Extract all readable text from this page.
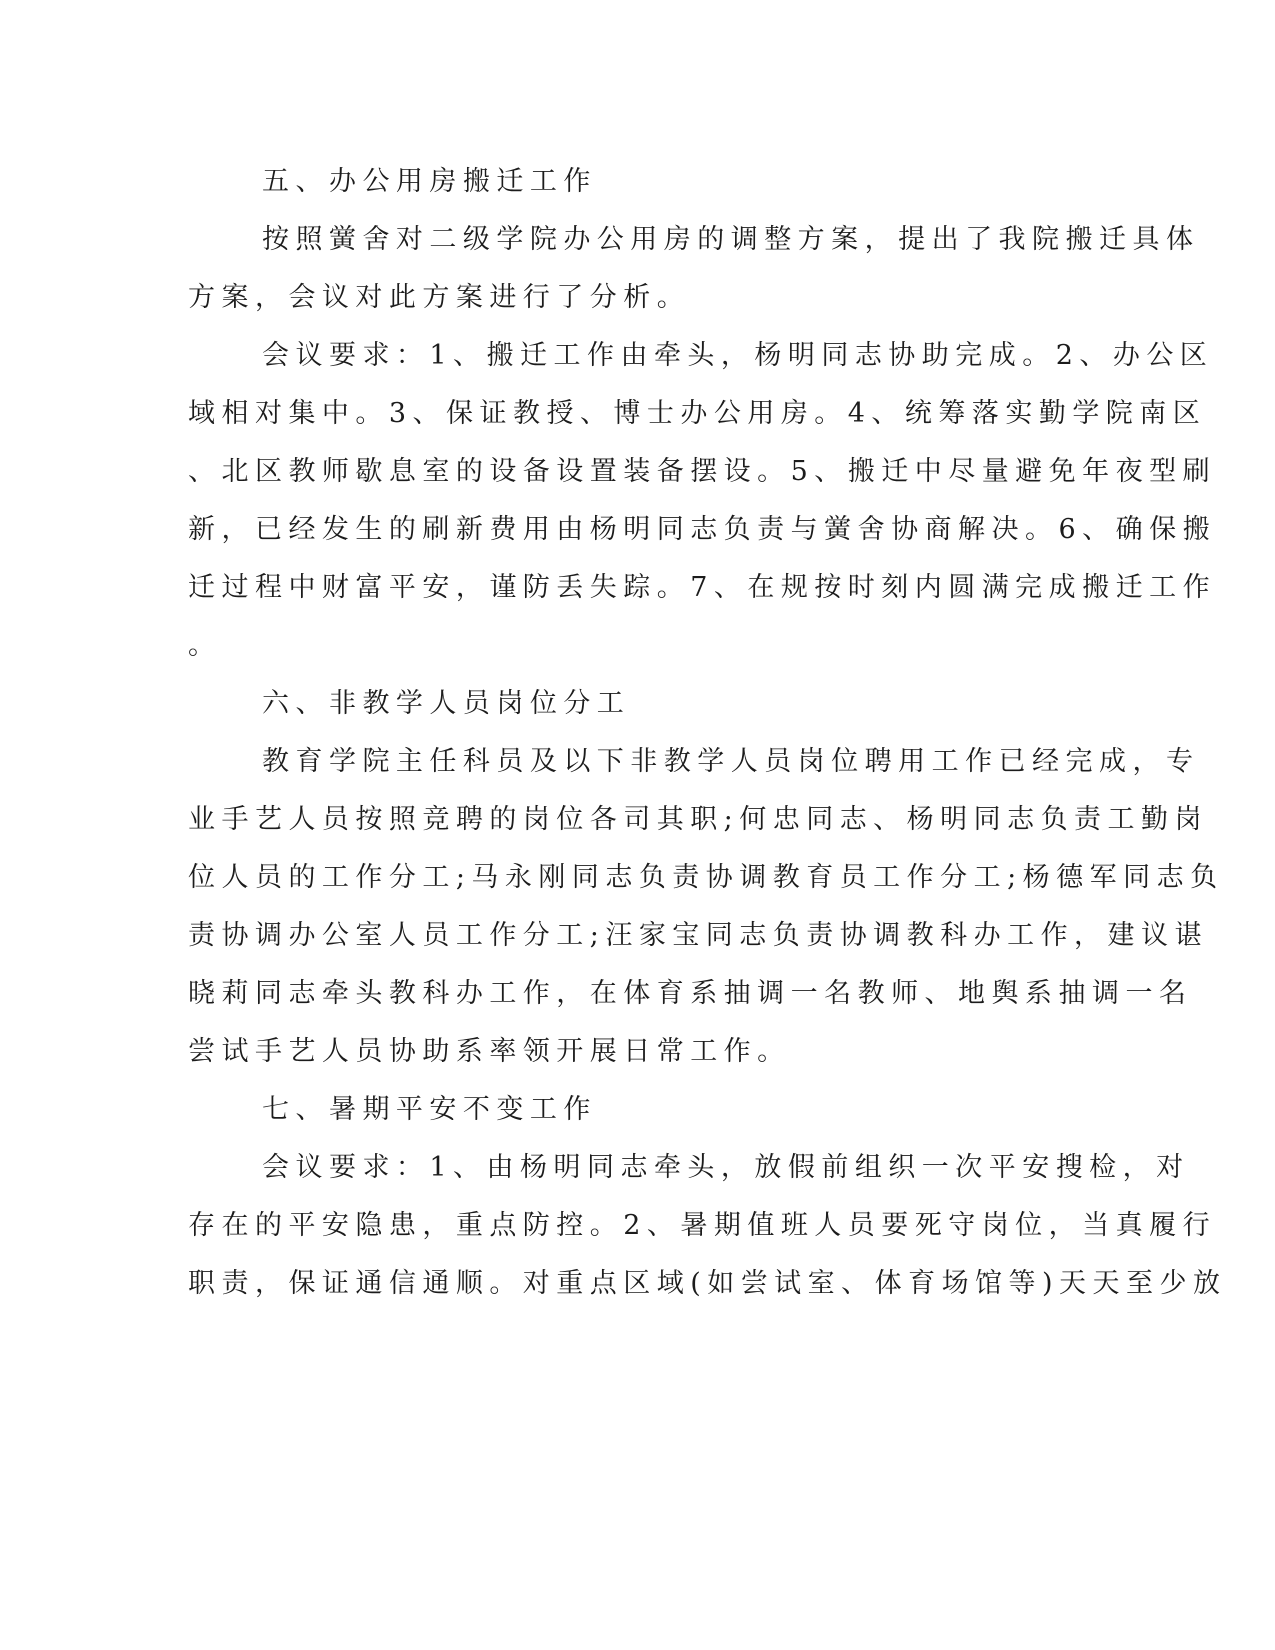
五、办公用房搬迁工作
按照黉舍对二级学院办公用房的调整方案，提出了我院搬迁具体
方案，会议对此方案进行了分析。
会议要求：1、搬迁工作由牵头，杨明同志协助完成。2、办公区
域相对集中。3、保证教授、博士办公用房。4、统筹落实勤学院南区
、北区教师歇息室的设备设置装备摆设。5、搬迁中尽量避免年夜型刷
新，已经发生的刷新费用由杨明同志负责与黉舍协商解决。6、确保搬
迁过程中财富平安，谨防丢失踪。7、在规按时刻内圆满完成搬迁工作
。
六、非教学人员岗位分工
教育学院主任科员及以下非教学人员岗位聘用工作已经完成，专
业手艺人员按照竞聘的岗位各司其职;何忠同志、杨明同志负责工勤岗
位人员的工作分工;马永刚同志负责协调教育员工作分工;杨德军同志负
责协调办公室人员工作分工;汪家宝同志负责协调教科办工作，建议谌
晓莉同志牵头教科办工作，在体育系抽调一名教师、地舆系抽调一名
尝试手艺人员协助系率领开展日常工作。
七、暑期平安不变工作
会议要求：1、由杨明同志牵头，放假前组织一次平安搜检，对
存在的平安隐患，重点防控。2、暑期值班人员要死守岗位，当真履行
职责，保证通信通顺。对重点区域(如尝试室、体育场馆等)天天至少放
